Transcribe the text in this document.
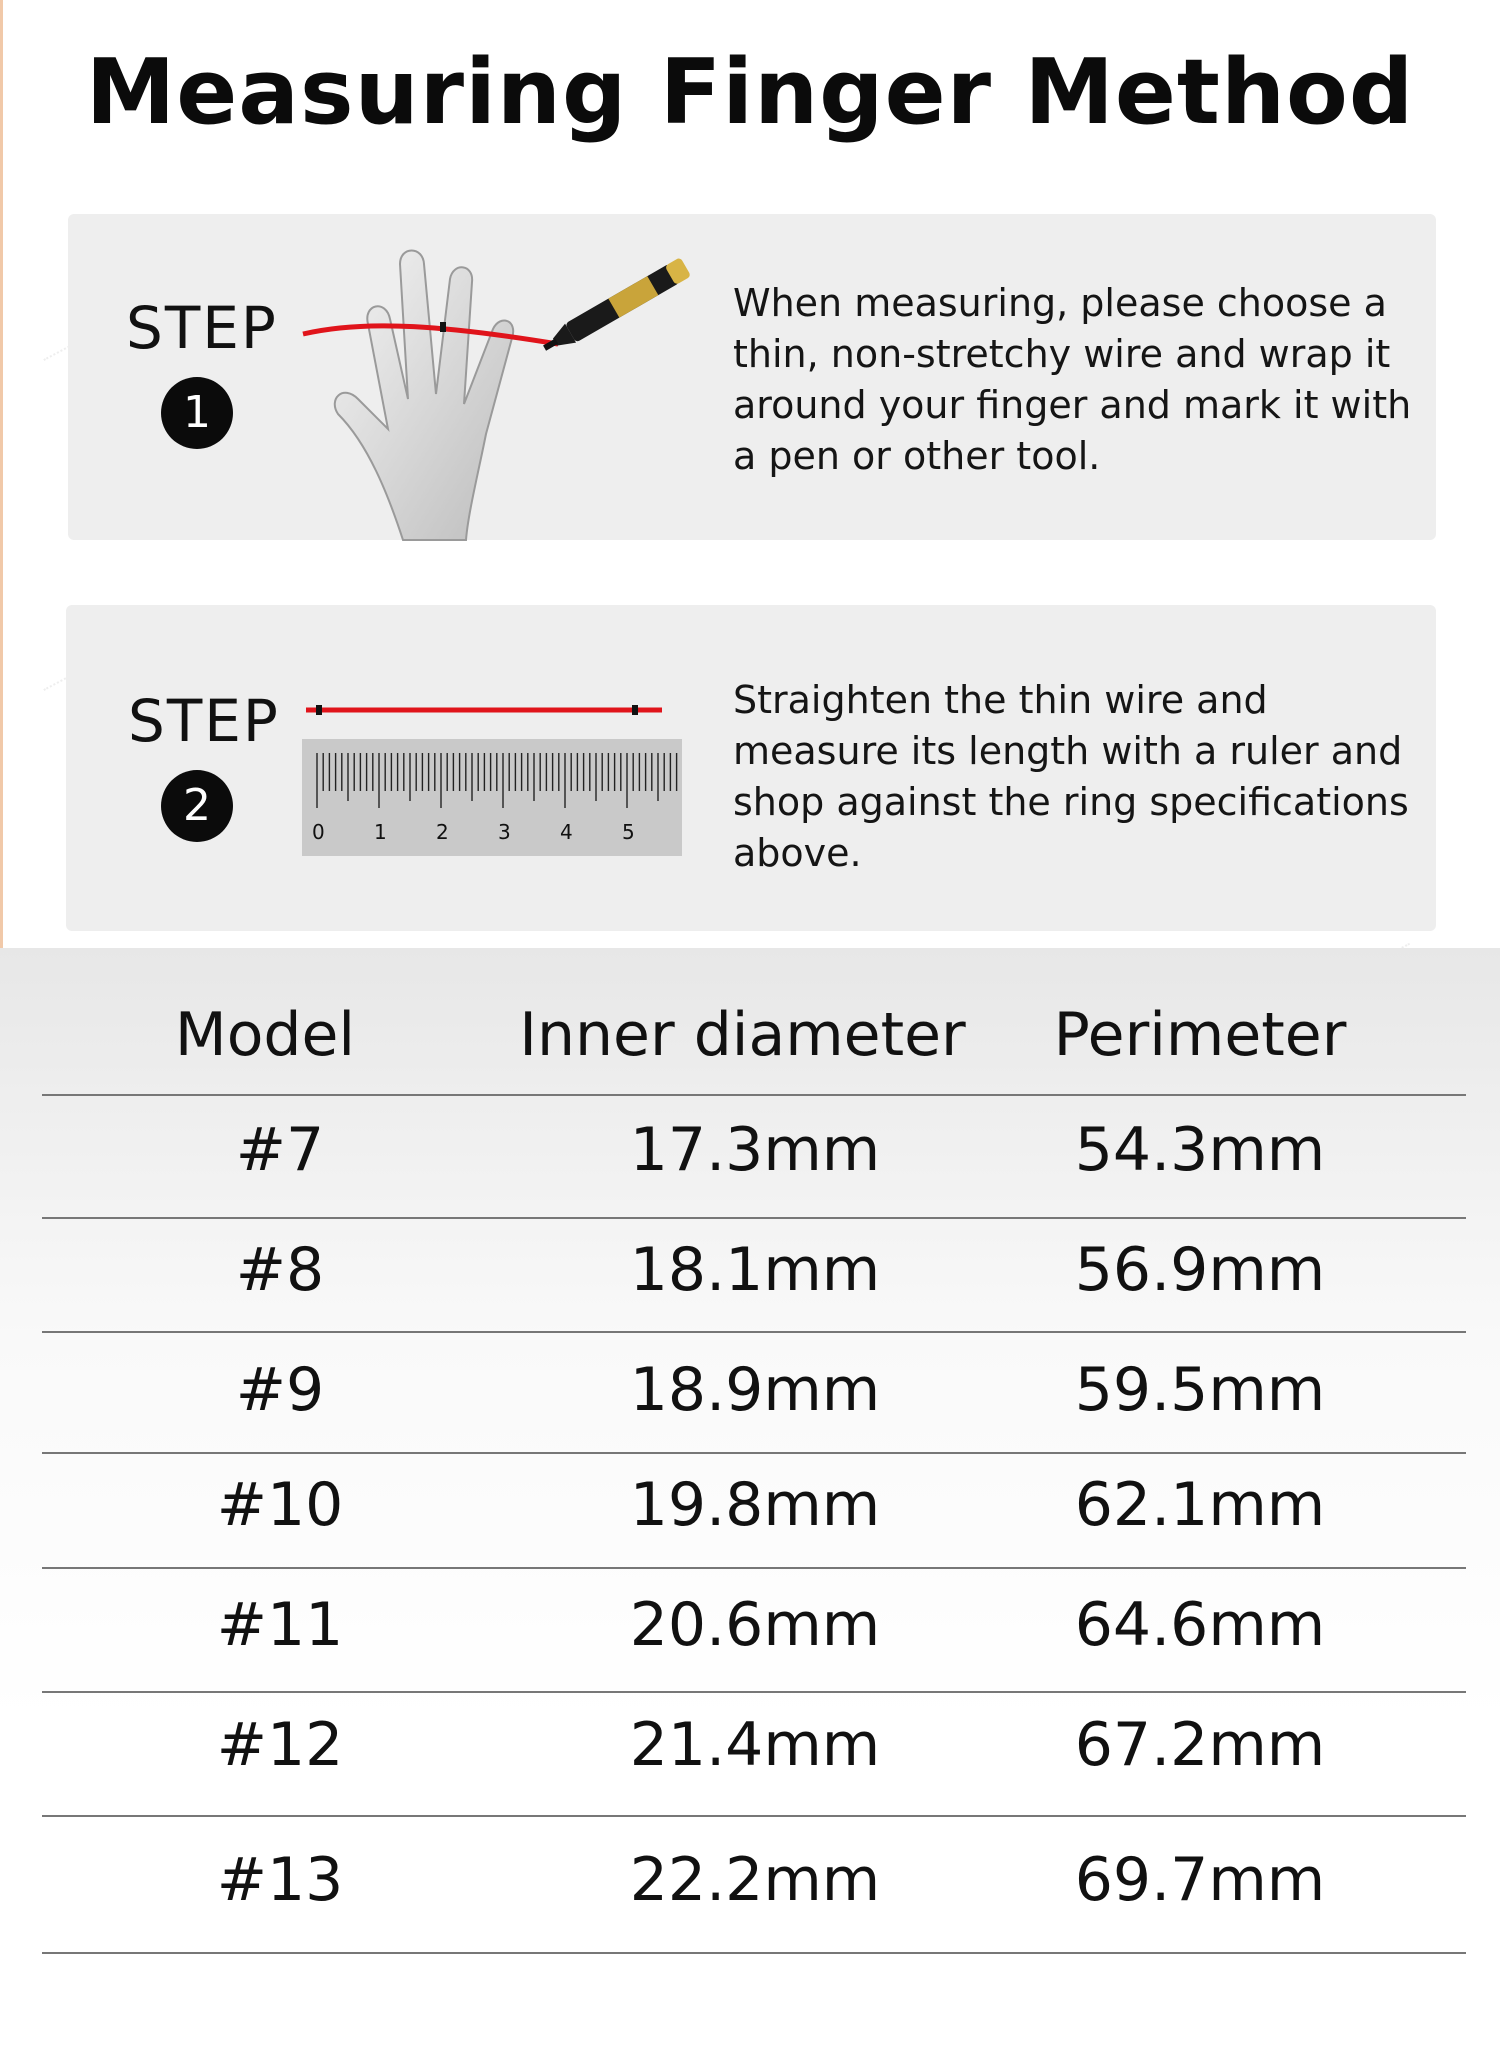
Measuring Finger Method
STEP
1
When measuring, please choose a thin, non-stretchy wire and wrap it around your finger and mark it with a pen or other tool.
STEP
2
0 1 2 3 4 5
Straighten the thin wire and measure its length with a ruler and shop against the ring specifications above.
Model	Inner diameter	Perimeter
#7	17.3mm	54.3mm
#8	18.1mm	56.9mm
#9	18.9mm	59.5mm
#10	19.8mm	62.1mm
#11	20.6mm	64.6mm
#12	21.4mm	67.2mm
#13	22.2mm	69.7mm
